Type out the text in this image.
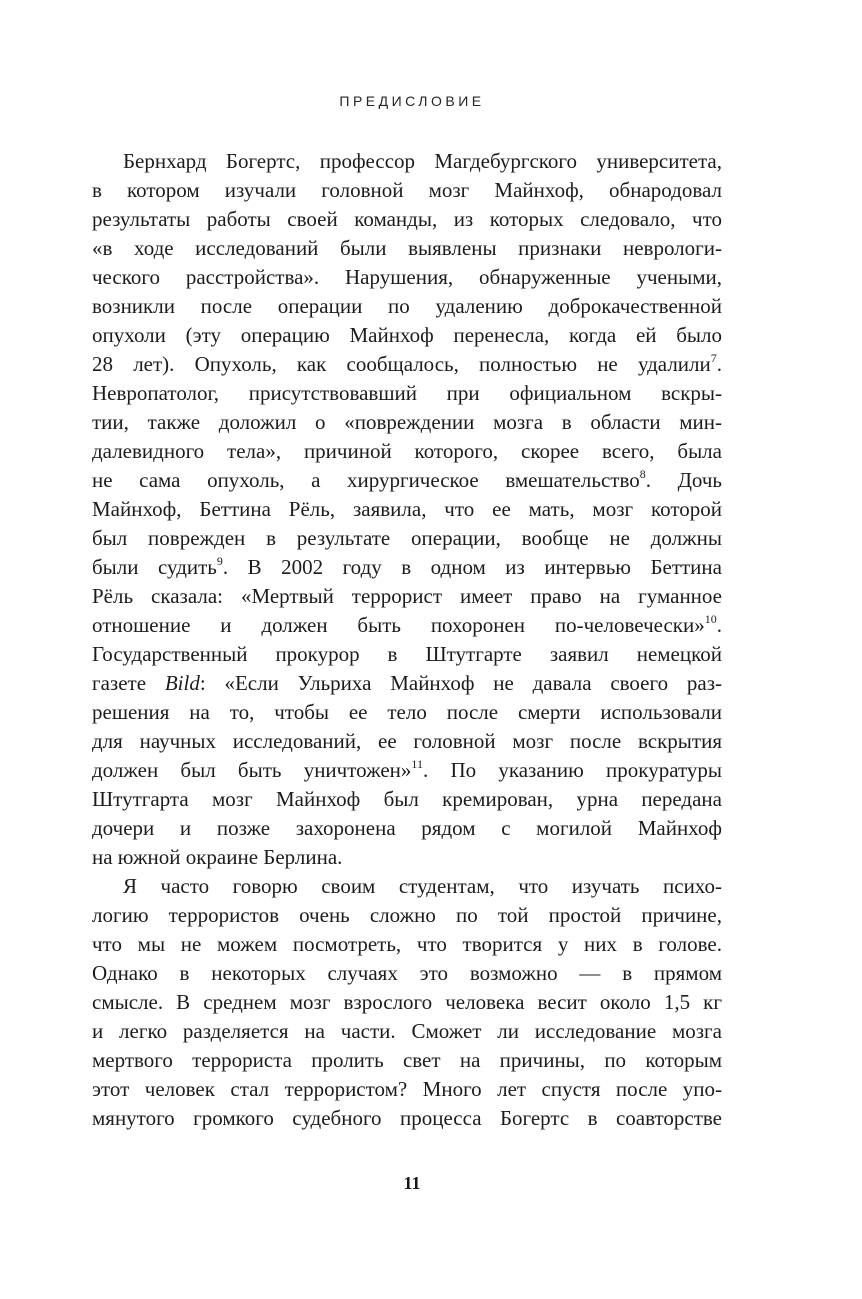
ПРЕДИСЛОВИЕ
Бернхард Богертс, профессор Магдебургского университета,
в котором изучали головной мозг Майнхоф, обнародовал
результаты работы своей команды, из которых следовало, что
«в ходе исследований были выявлены признаки неврологи-
ческого расстройства». Нарушения, обнаруженные учеными,
возникли после операции по удалению доброкачественной
опухоли (эту операцию Майнхоф перенесла, когда ей было
28 лет). Опухоль, как сообщалось, полностью не удалили$^7$.
Невропатолог, присутствовавший при официальном вскры-
тии, также доложил о «повреждении мозга в области мин-
далевидного тела», причиной которого, скорее всего, была
не сама опухоль, а хирургическое вмешательство$^8$. Дочь
Майнхоф, Беттина Рёль, заявила, что ее мать, мозг которой
был поврежден в результате операции, вообще не должны
были судить$^9$. В 2002 году в одном из интервью Беттина
Рёль сказала: «Мертвый террорист имеет право на гуманное
отношение и должен быть похоронен по-человечески»$^{10}$.
Государственный прокурор в Штутгарте заявил немецкой
газете Bild: «Если Ульриха Майнхоф не давала своего раз-
решения на то, чтобы ее тело после смерти использовали
для научных исследований, ее головной мозг после вскрытия
должен был быть уничтожен»$^{11}$. По указанию прокуратуры
Штутгарта мозг Майнхоф был кремирован, урна передана
дочери и позже захоронена рядом с могилой Майнхоф
на южной окраине Берлина.
Я часто говорю своим студентам, что изучать психо-
логию террористов очень сложно по той простой причине,
что мы не можем посмотреть, что творится у них в голове.
Однако в некоторых случаях это возможно — в прямом
смысле. В среднем мозг взрослого человека весит около 1,5 кг
и легко разделяется на части. Сможет ли исследование мозга
мертвого террориста пролить свет на причины, по которым
этот человек стал террористом? Много лет спустя после упо-
мянутого громкого судебного процесса Богертс в соавторстве
11
